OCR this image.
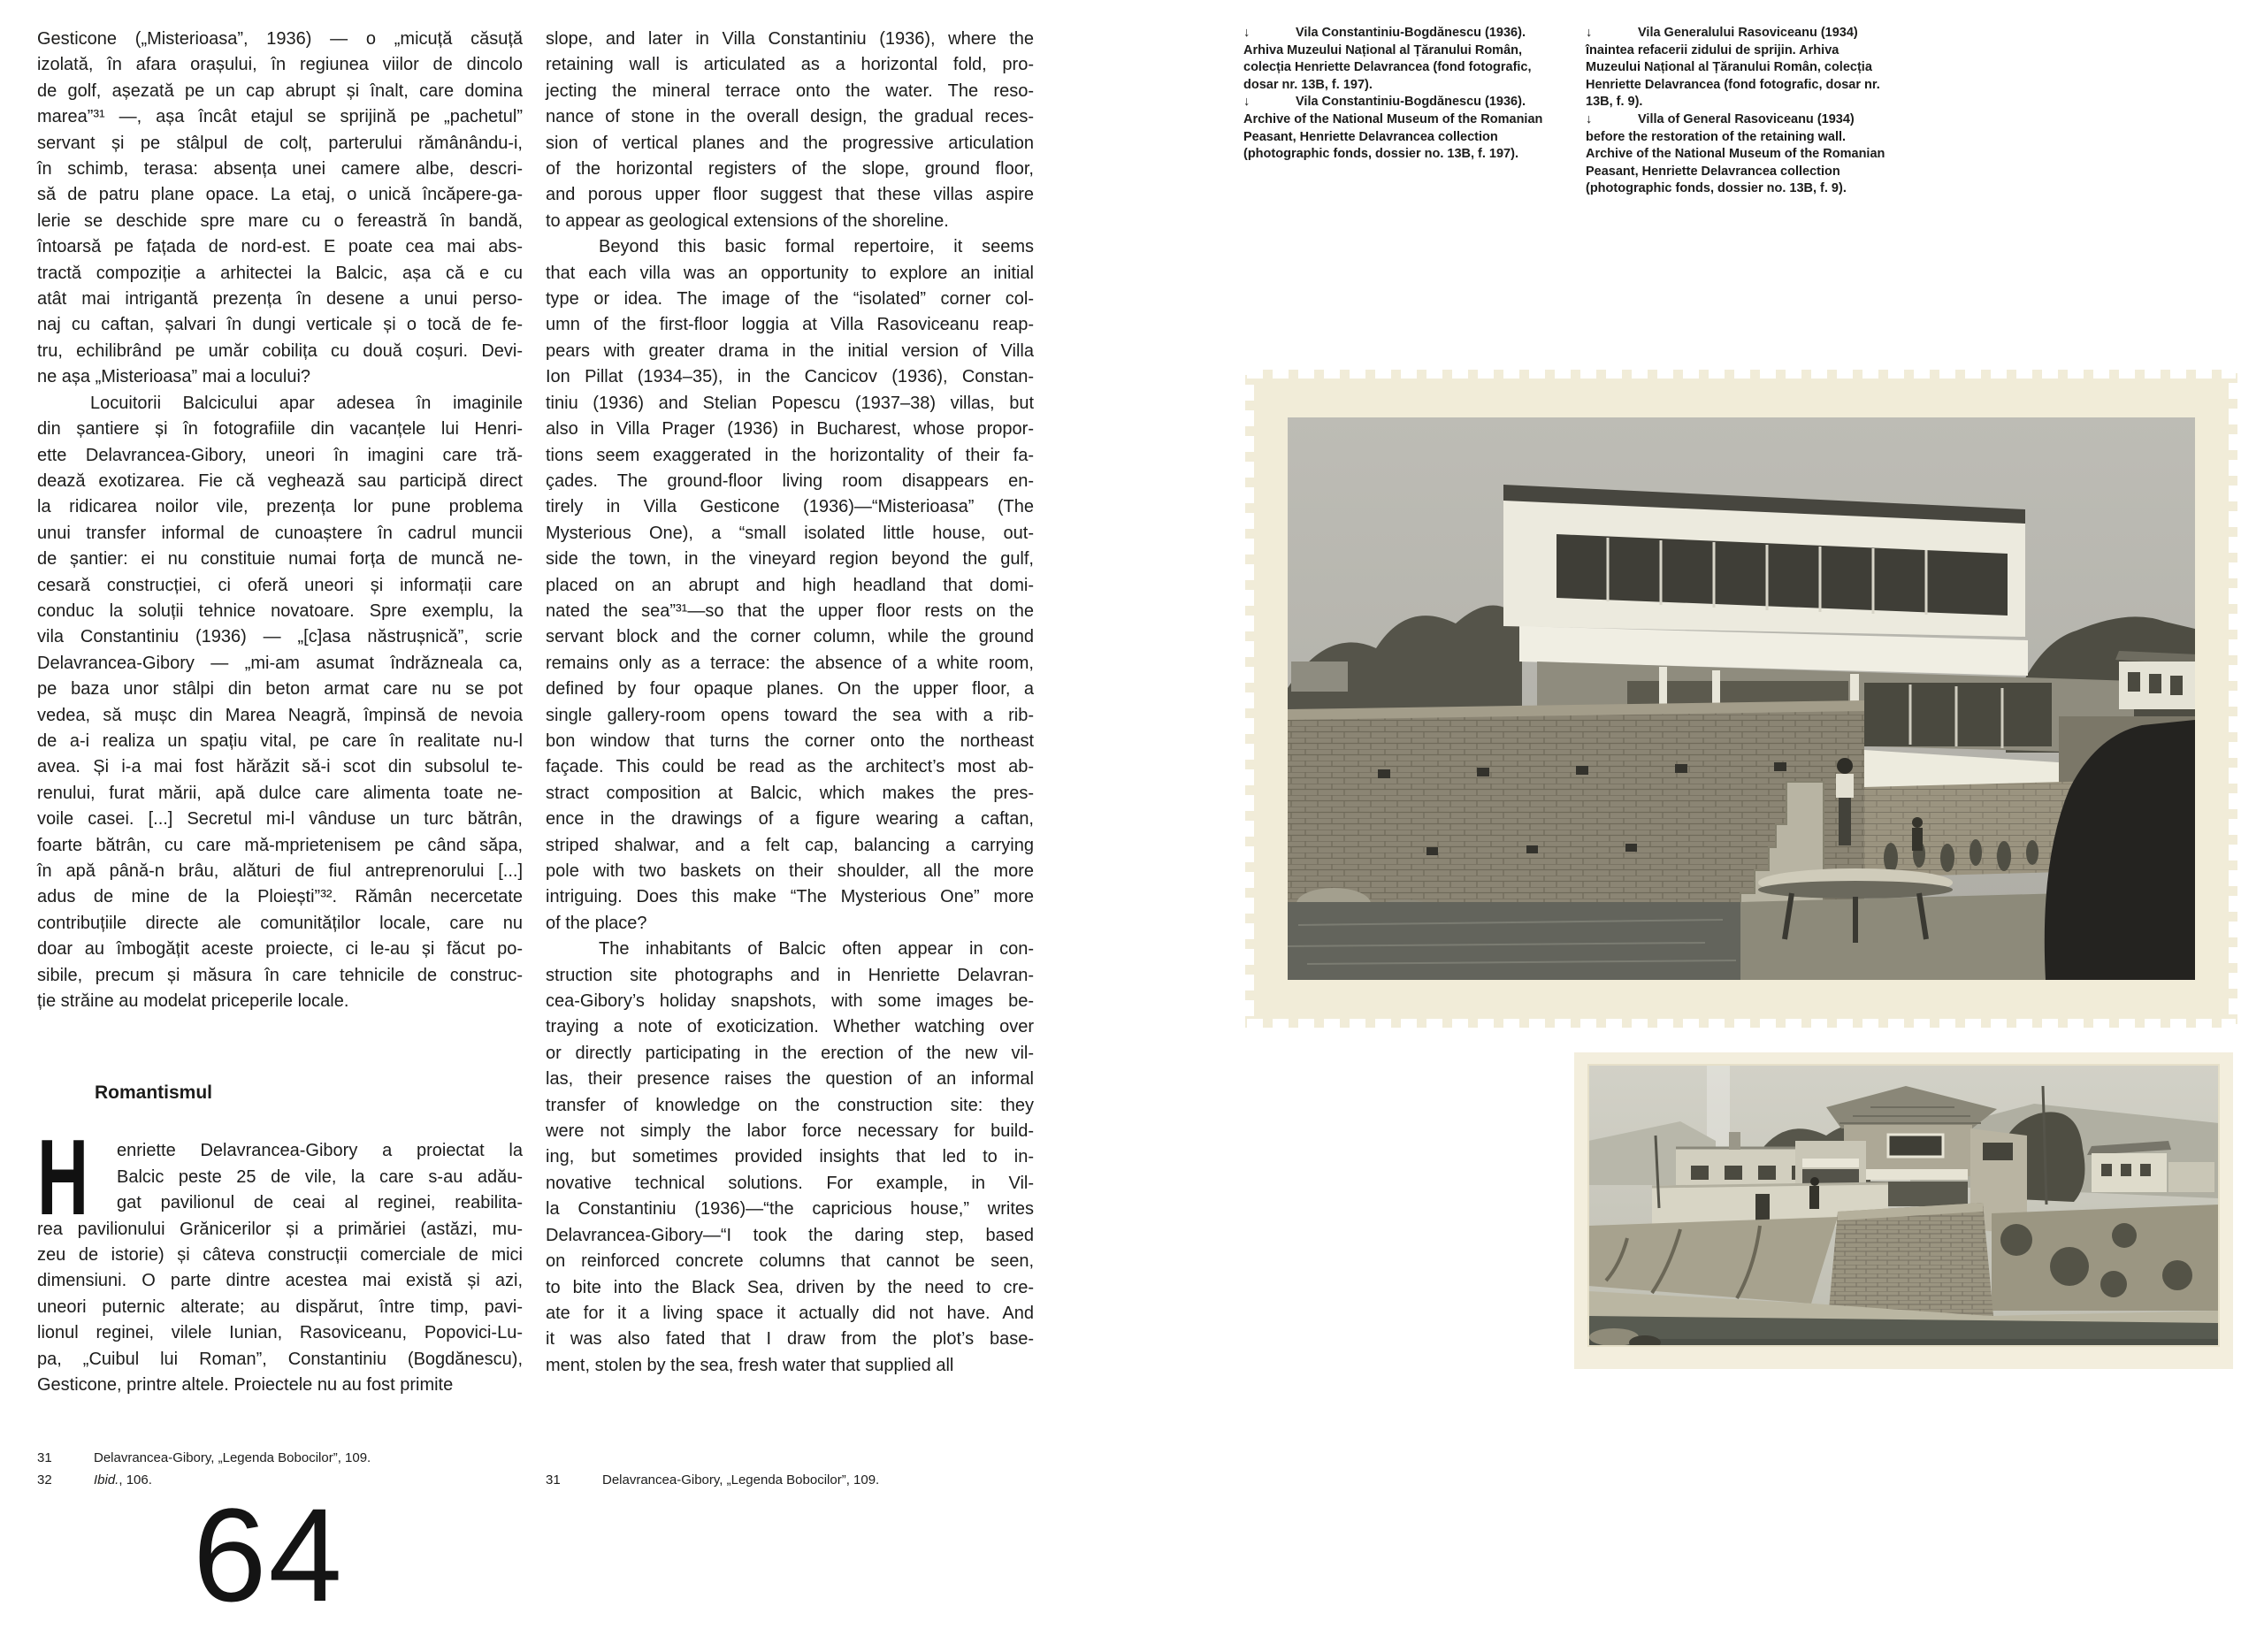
Gesticone („Misterioasa”, 1936) — o „micuță căsuță
izolată, în afara orașului, în regiunea viilor de dincolo
de golf, așezată pe un cap abrupt și înalt, care domina
marea”³¹ —, așa încât etajul se sprijină pe „pachetul”
servant și pe stâlpul de colț, parterului rămânându-i,
în schimb, terasa: absența unei camere albe, descri-
să de patru plane opace. La etaj, o unică încăpere-ga-
lerie se deschide spre mare cu o fereastră în bandă,
întoarsă pe fațada de nord-est. E poate cea mai abs-
tractă compoziție a arhitectei la Balcic, așa că e cu
atât mai intrigantă prezența în desene a unui perso-
naj cu caftan, șalvari în dungi verticale și o tocă de fe-
tru, echilibrând pe umăr cobilița cu două coșuri. Devi-
ne așa „Misterioasa” mai a locului?
Locuitorii Balcicului apar adesea în imaginile
din șantiere și în fotografiile din vacanțele lui Henri-
ette Delavrancea-Gibory, uneori în imagini care tră-
dează exotizarea. Fie că veghează sau participă direct
la ridicarea noilor vile, prezența lor pune problema
unui transfer informal de cunoaștere în cadrul muncii
de șantier: ei nu constituie numai forța de muncă ne-
cesară construcției, ci oferă uneori și informații care
conduc la soluții tehnice novatoare. Spre exemplu, la
vila Constantiniu (1936) — „[c]asa năstrușnică”, scrie
Delavrancea-Gibory — „mi-am asumat îndrăzneala ca,
pe baza unor stâlpi din beton armat care nu se pot
vedea, să mușc din Marea Neagră, împinsă de nevoia
de a-i realiza un spațiu vital, pe care în realitate nu-l
avea. Și i-a mai fost hărăzit să-i scot din subsolul te-
renului, furat mării, apă dulce care alimenta toate ne-
voile casei. [...] Secretul mi-l vânduse un turc bătrân,
foarte bătrân, cu care mă-mprietenisem pe când săpa,
în apă până-n brâu, alături de fiul antreprenorului [...]
adus de mine de la Ploiești”³². Rămân necercetate
contribuțiile directe ale comunităților locale, care nu
doar au îmbogățit aceste proiecte, ci le-au și făcut po-
sibile, precum și măsura în care tehnicile de construc-
ție străine au modelat priceperile locale.
Romantismul
H	enriette Delavrancea-Gibory a proiectat la
Balcic peste 25 de vile, la care s-au adău-
gat pavilionul de ceai al reginei, reabilita-
rea pavilionului Grănicerilor și a primăriei (astăzi, mu-
zeu de istorie) și câteva construcții comerciale de mici
dimensiuni. O parte dintre acestea mai există și azi,
uneori puternic alterate; au dispărut, între timp, pavi-
lionul reginei, vilele Iunian, Rasoviceanu, Popovici-Lu-
pa, „Cuibul lui Roman”, Constantiniu (Bogdănescu),
Gesticone, printre altele. Proiectele nu au fost primite
slope, and later in Villa Constantiniu (1936), where the
retaining wall is articulated as a horizontal fold, pro-
jecting the mineral terrace onto the water. The reso-
nance of stone in the overall design, the gradual reces-
sion of vertical planes and the progressive articulation
of the horizontal registers of the slope, ground floor,
and porous upper floor suggest that these villas aspire
to appear as geological extensions of the shoreline.
Beyond this basic formal repertoire, it seems
that each villa was an opportunity to explore an initial
type or idea. The image of the “isolated” corner col-
umn of the first-floor loggia at Villa Rasoviceanu reap-
pears with greater drama in the initial version of Villa
Ion Pillat (1934–35), in the Cancicov (1936), Constan-
tiniu (1936) and Stelian Popescu (1937–38) villas, but
also in Villa Prager (1936) in Bucharest, whose propor-
tions seem exaggerated in the horizontality of their fa-
çades. The ground-floor living room disappears en-
tirely in Villa Gesticone (1936)—“Misterioasa” (The
Mysterious One), a “small isolated little house, out-
side the town, in the vineyard region beyond the gulf,
placed on an abrupt and high headland that domi-
nated the sea”³¹—so that the upper floor rests on the
servant block and the corner column, while the ground
remains only as a terrace: the absence of a white room,
defined by four opaque planes. On the upper floor, a
single gallery-room opens toward the sea with a rib-
bon window that turns the corner onto the northeast
façade. This could be read as the architect’s most ab-
stract composition at Balcic, which makes the pres-
ence in the drawings of a figure wearing a caftan,
striped shalwar, and a felt cap, balancing a carrying
pole with two baskets on their shoulder, all the more
intriguing. Does this make “The Mysterious One” more
of the place?
The inhabitants of Balcic often appear in con-
struction site photographs and in Henriette Delavran-
cea-Gibory’s holiday snapshots, with some images be-
traying a note of exoticization. Whether watching over
or directly participating in the erection of the new vil-
las, their presence raises the question of an informal
transfer of knowledge on the construction site: they
were not simply the labor force necessary for build-
ing, but sometimes provided insights that led to in-
novative technical solutions. For example, in Vil-
la Constantiniu (1936)—“the capricious house,” writes
Delavrancea-Gibory—“I took the daring step, based
on reinforced concrete columns that cannot be seen,
to bite into the Black Sea, driven by the need to cre-
ate for it a living space it actually did not have. And
it was also fated that I draw from the plot’s base-
ment, stolen by the sea, fresh water that supplied all
↓	Vila Constantiniu-Bogdănescu (1936).
Arhiva Muzeului Național al Țăranului Român,
colecția Henriette Delavrancea (fond fotografic,
dosar nr. 13B, f. 197).
↓	Vila Constantiniu-Bogdănescu (1936).
Archive of the National Museum of the Romanian
Peasant, Henriette Delavrancea collection
(photographic fonds, dossier no. 13B, f. 197).
↓	Vila Generalului Rasoviceanu (1934)
înaintea refacerii zidului de sprijin. Arhiva
Muzeului Național al Țăranului Român, colecția
Henriette Delavrancea (fond fotografic, dosar nr.
13B, f. 9).
↓	Villa of General Rasoviceanu (1934)
before the restoration of the retaining wall.
Archive of the National Museum of the Romanian
Peasant, Henriette Delavrancea collection
(photographic fonds, dossier no. 13B, f. 9).
31	Delavrancea-Gibory, „Legenda Bobocilor”, 109.
32	Ibid., 106.	31	Delavrancea-Gibory, „Legenda Bobocilor”, 109.
64
